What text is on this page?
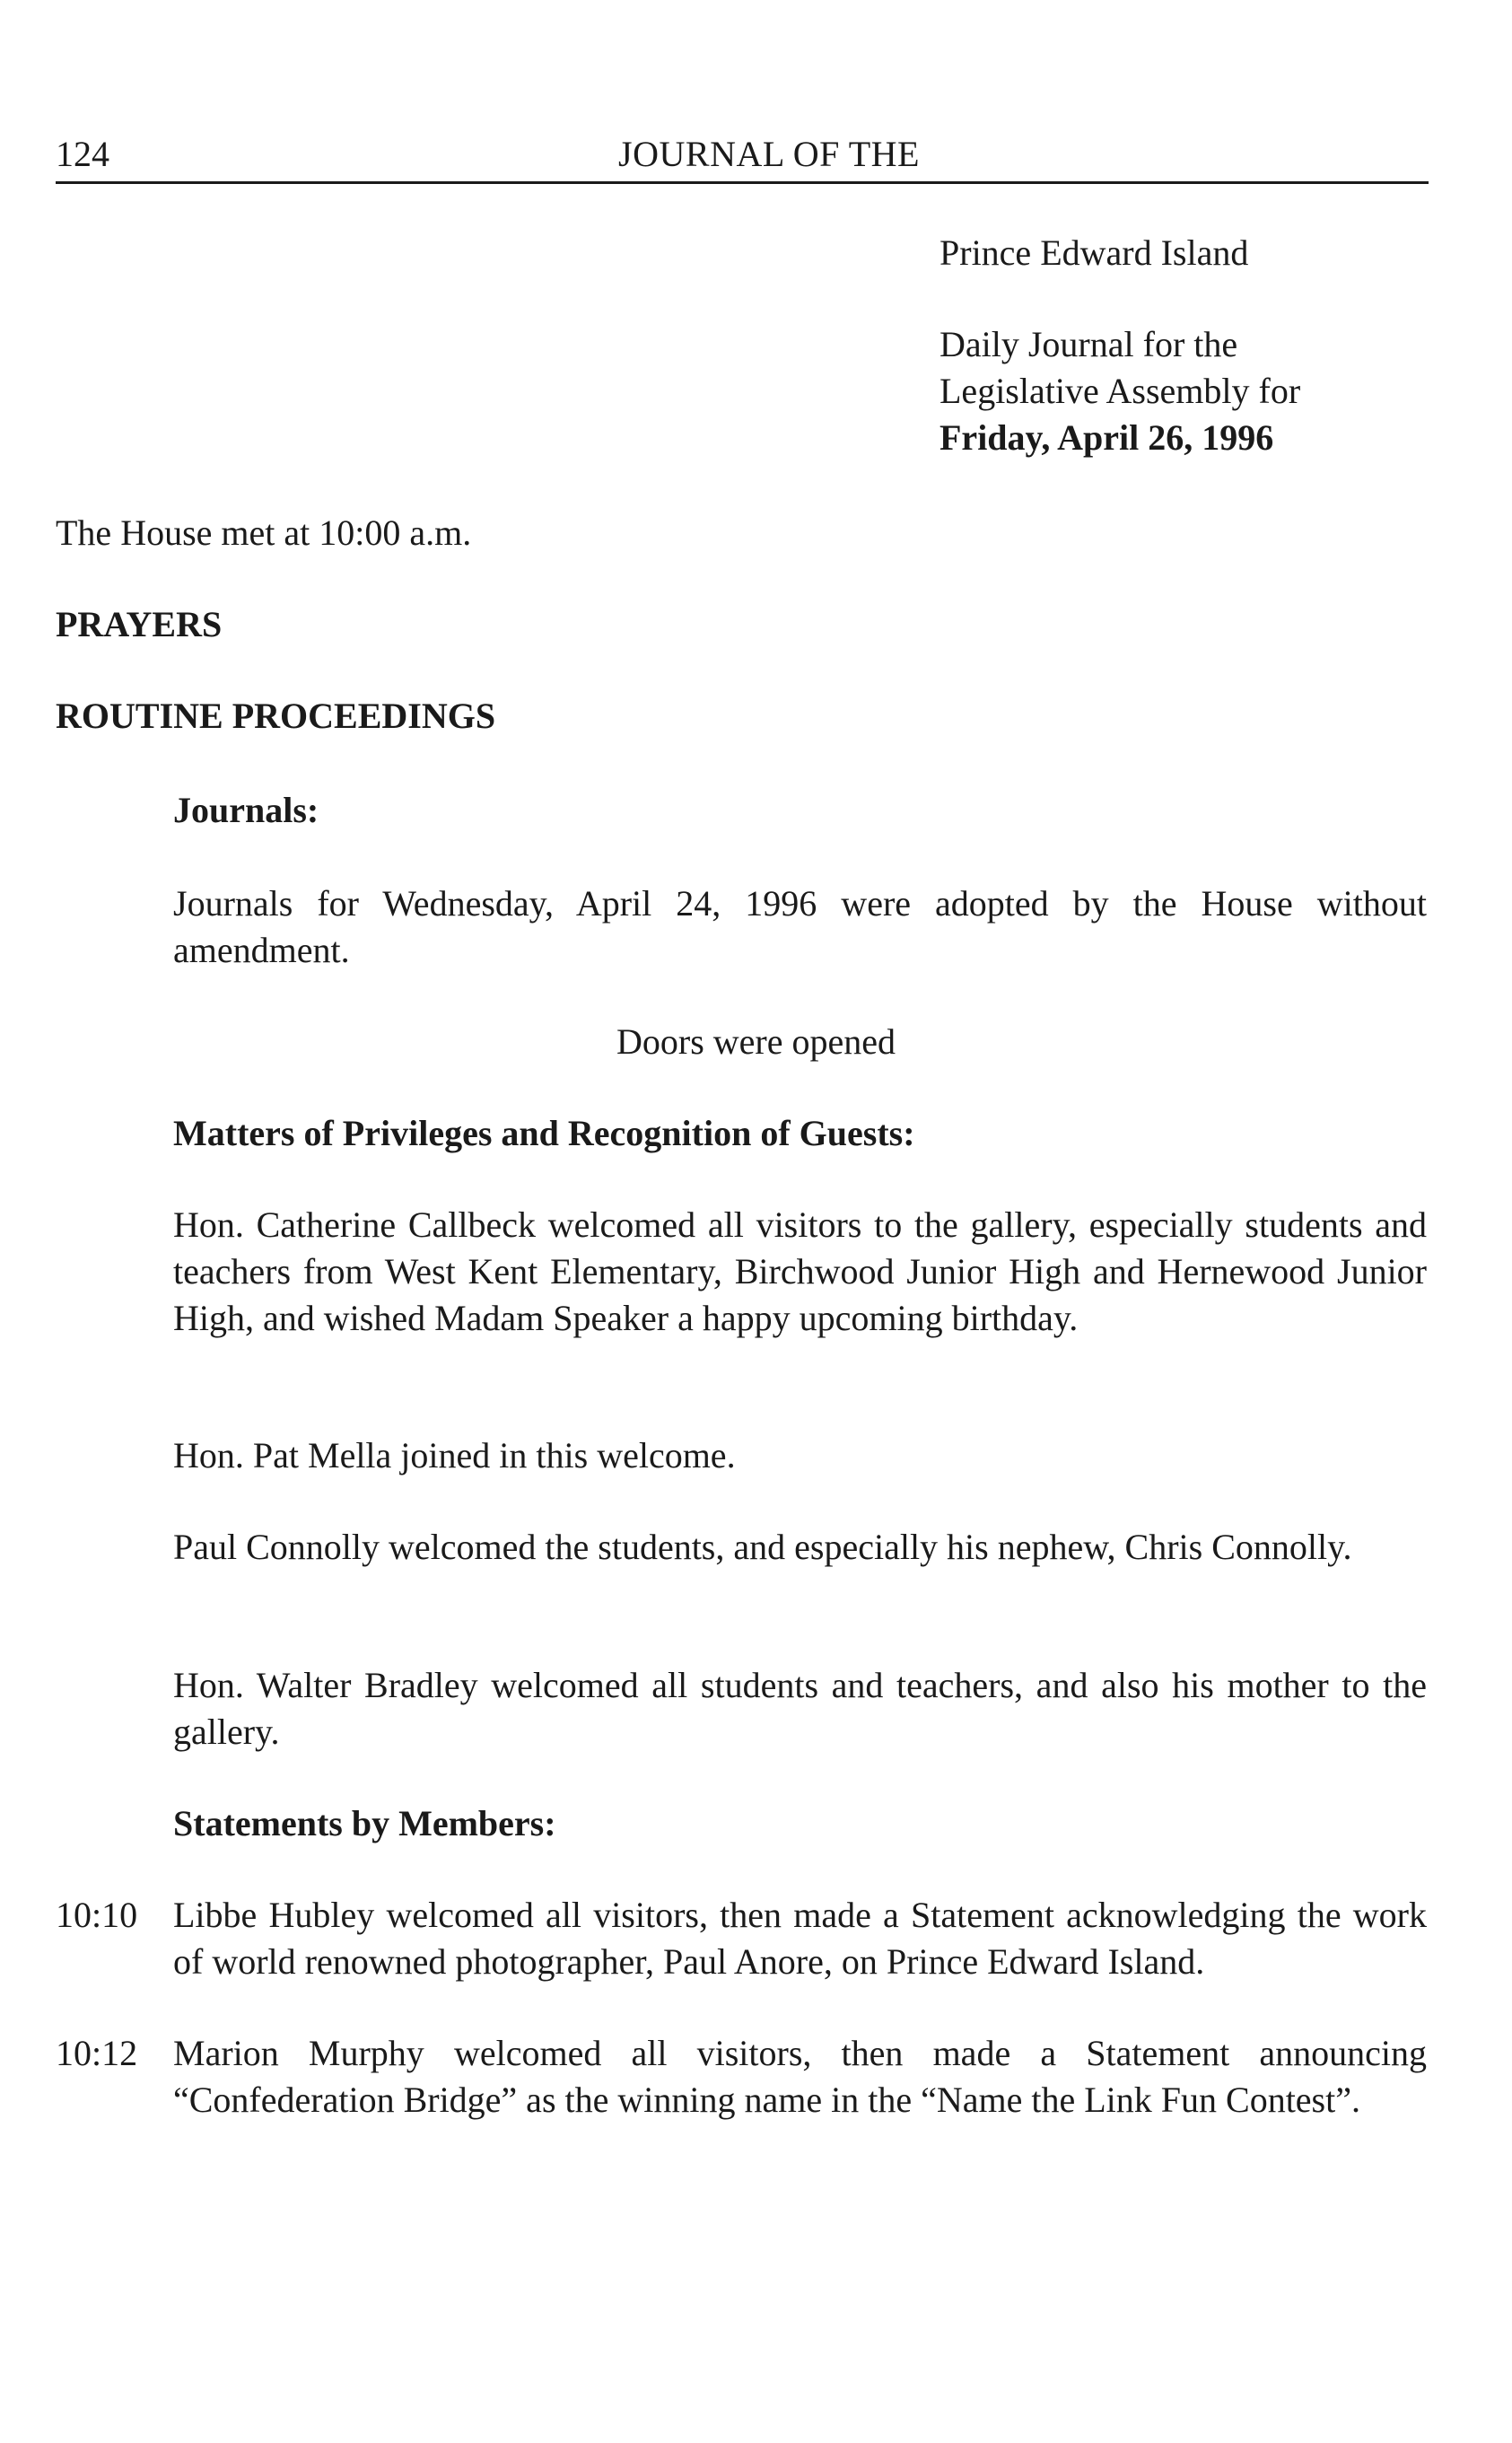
124	JOURNAL OF THE
Prince Edward Island
Daily Journal for the
Legislative Assembly for
Friday, April 26, 1996
The House met at 10:00 a.m.
PRAYERS
ROUTINE PROCEEDINGS
Journals:
Journals for Wednesday, April 24, 1996 were adopted by the House without amendment.
Doors were opened
Matters of Privileges and Recognition of Guests:
Hon. Catherine Callbeck welcomed all visitors to the gallery, especially students and teachers from West Kent Elementary, Birchwood Junior High and Hernewood Junior High, and wished Madam Speaker a happy upcoming birthday.
Hon. Pat Mella joined in this welcome.
Paul Connolly welcomed the students, and especially his nephew, Chris Connolly.
Hon. Walter Bradley welcomed all students and teachers, and also his mother to the gallery.
Statements by Members:
10:10 Libbe Hubley welcomed all visitors, then made a Statement acknowledging the work of world renowned photographer, Paul Anore, on Prince Edward Island.
10:12 Marion Murphy welcomed all visitors, then made a Statement announcing “Confederation Bridge” as the winning name in the “Name the Link Fun Contest”.
